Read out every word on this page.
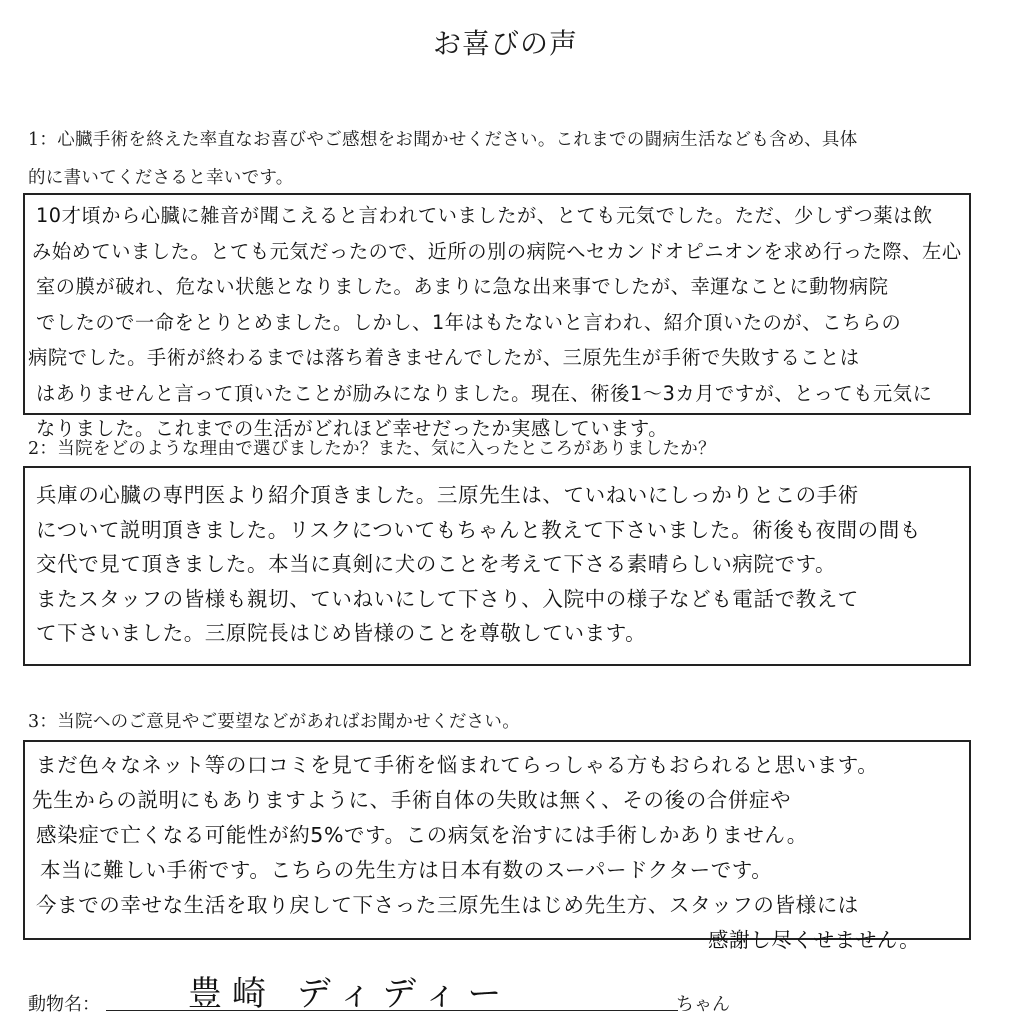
お喜びの声
1：心臓手術を終えた率直なお喜びやご感想をお聞かせください。これまでの闘病生活なども含め、具体
的に書いてくださると幸いです。
10才頃から心臓に雑音が聞こえると言われていましたが、とても元気でした。ただ、少しずつ薬は飲
み始めていました。とても元気だったので、近所の別の病院へセカンドオピニオンを求め行った際、左心
室の膜が破れ、危ない状態となりました。あまりに急な出来事でしたが、幸運なことに動物病院
でしたので一命をとりとめました。しかし、1年はもたないと言われ、紹介頂いたのが、こちらの
病院でした。手術が終わるまでは落ち着きませんでしたが、三原先生が手術で失敗することは
はありませんと言って頂いたことが励みになりました。現在、術後1〜3カ月ですが、とっても元気に
なりました。これまでの生活がどれほど幸せだったか実感しています。
2：当院をどのような理由で選びましたか？また、気に入ったところがありましたか？
兵庫の心臓の専門医より紹介頂きました。三原先生は、ていねいにしっかりとこの手術
について説明頂きました。リスクについてもちゃんと教えて下さいました。術後も夜間の間も
交代で見て頂きました。本当に真剣に犬のことを考えて下さる素晴らしい病院です。
またスタッフの皆様も親切、ていねいにして下さり、入院中の様子なども電話で教えて
て下さいました。三原院長はじめ皆様のことを尊敬しています。
3：当院へのご意見やご要望などがあればお聞かせください。
まだ色々なネット等の口コミを見て手術を悩まれてらっしゃる方もおられると思います。
先生からの説明にもありますように、手術自体の失敗は無く、その後の合併症や
感染症で亡くなる可能性が約5%です。この病気を治すには手術しかありません。
本当に難しい手術です。こちらの先生方は日本有数のスーパードクターです。
今までの幸せな生活を取り戻して下さった三原先生はじめ先生方、スタッフの皆様には
感謝し尽くせません。
動物名：	豊崎 ディディー	ちゃん
